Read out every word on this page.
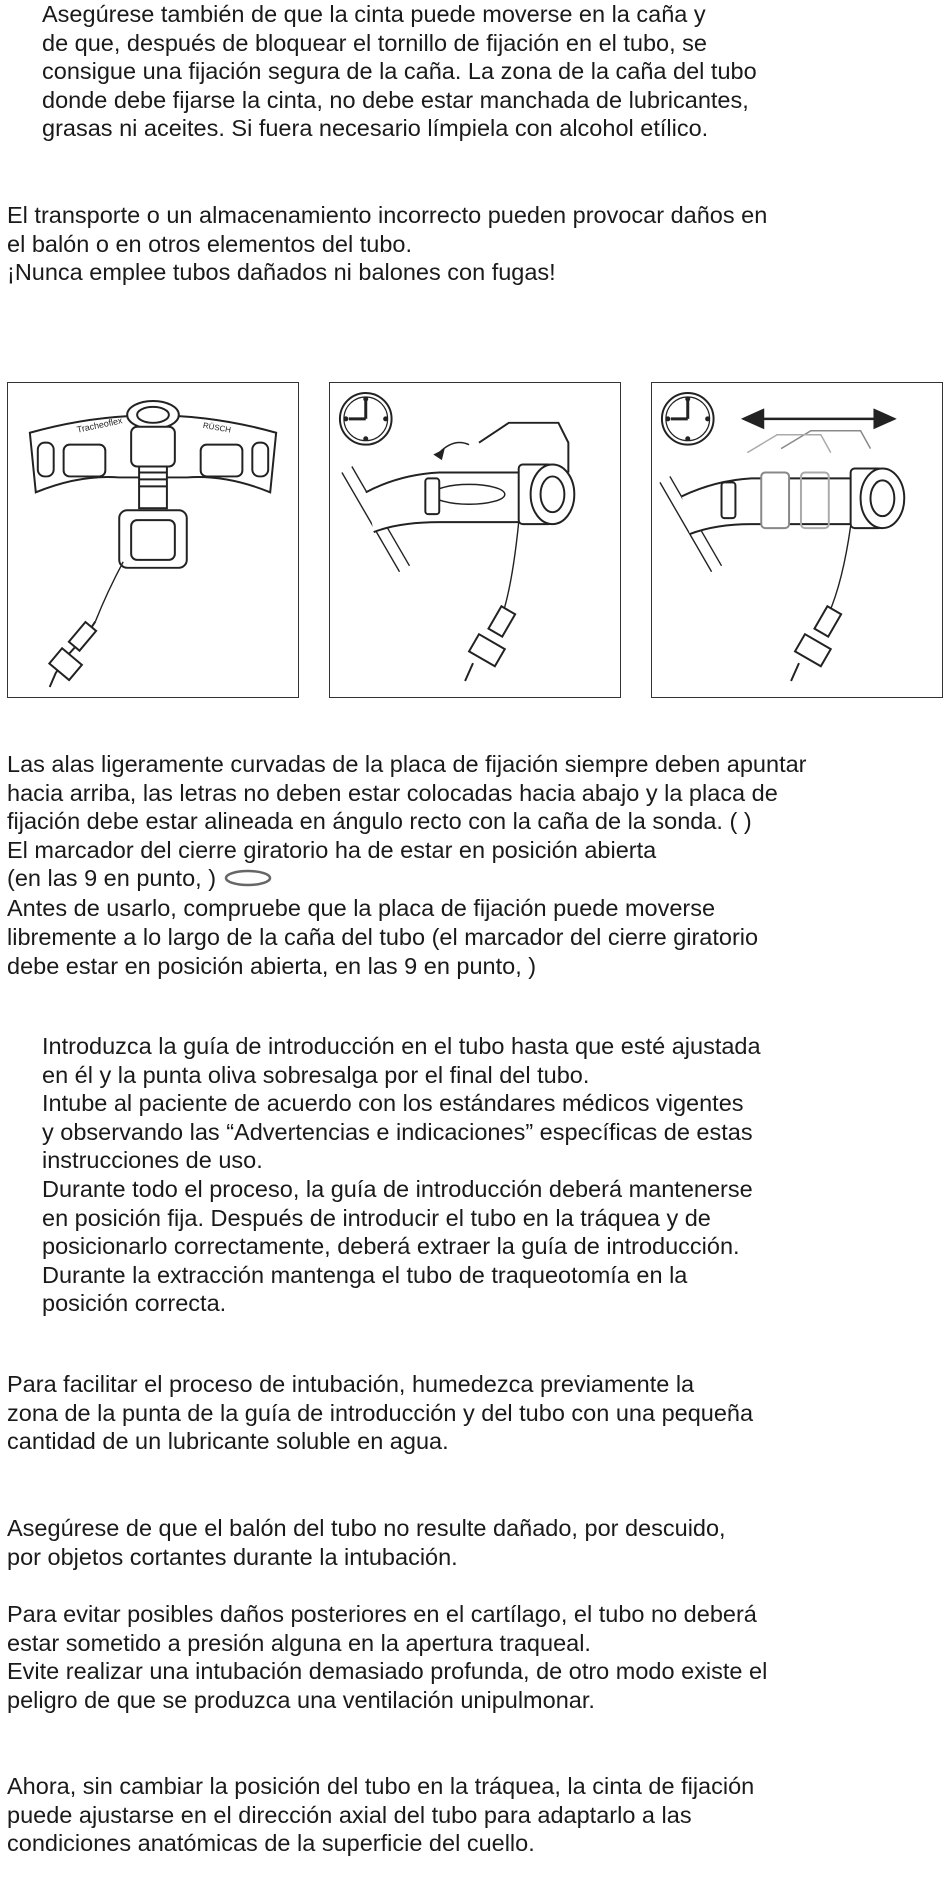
Asegúrese también de que la cinta puede moverse en la caña y
de que, después de bloquear el tornillo de fijación en el tubo, se
consigue una fijación segura de la caña. La zona de la caña del tubo
donde debe fijarse la cinta, no debe estar manchada de lubricantes,
grasas ni aceites. Si fuera necesario límpiela con alcohol etílico.
El transporte o un almacenamiento incorrecto pueden provocar daños en
el balón o en otros elementos del tubo.
¡Nunca emplee tubos dañados ni balones con fugas!
Tracheoflex	RÜSCH
Las alas ligeramente curvadas de la placa de fijación siempre deben apuntar
hacia arriba, las letras no deben estar colocadas hacia abajo y la placa de
fijación debe estar alineada en ángulo recto con la caña de la sonda. ( )
El marcador del cierre giratorio ha de estar en posición abierta
(en las 9 en punto, )
Antes de usarlo, compruebe que la placa de fijación puede moverse
libremente a lo largo de la caña del tubo (el marcador del cierre giratorio
debe estar en posición abierta, en las 9 en punto, )
Introduzca la guía de introducción en el tubo hasta que esté ajustada
en él y la punta oliva sobresalga por el final del tubo.
Intube al paciente de acuerdo con los estándares médicos vigentes
y observando las “Advertencias e indicaciones” específicas de estas
instrucciones de uso.
Durante todo el proceso, la guía de introducción deberá mantenerse
en posición fija. Después de introducir el tubo en la tráquea y de
posicionarlo correctamente, deberá extraer la guía de introducción.
Durante la extracción mantenga el tubo de traqueotomía en la
posición correcta.
Para facilitar el proceso de intubación, humedezca previamente la
zona de la punta de la guía de introducción y del tubo con una pequeña
cantidad de un lubricante soluble en agua.
Asegúrese de que el balón del tubo no resulte dañado, por descuido,
por objetos cortantes durante la intubación.
Para evitar posibles daños posteriores en el cartílago, el tubo no deberá
estar sometido a presión alguna en la apertura traqueal.
Evite realizar una intubación demasiado profunda, de otro modo existe el
peligro de que se produzca una ventilación unipulmonar.
Ahora, sin cambiar la posición del tubo en la tráquea, la cinta de fijación
puede ajustarse en el dirección axial del tubo para adaptarlo a las
condiciones anatómicas de la superficie del cuello.
